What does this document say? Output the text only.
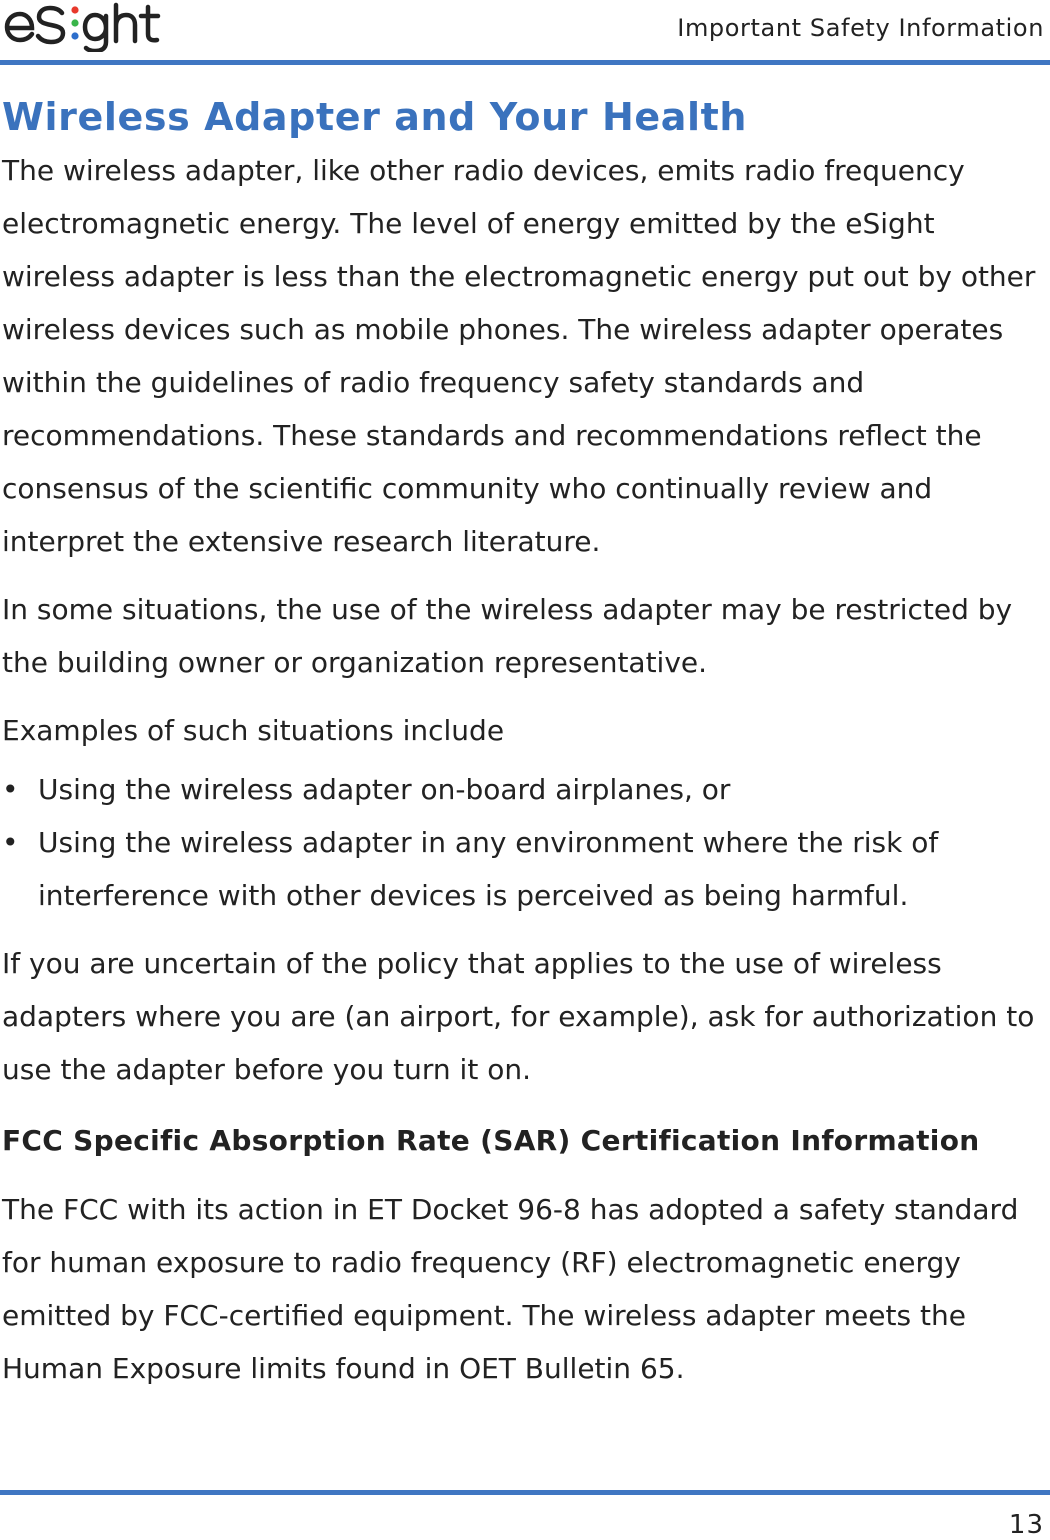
Important Safety Information
Wireless Adapter and Your Health

The wireless adapter, like other radio devices, emits radio frequency electromagnetic energy. The level of energy emitted by the eSight wireless adapter is less than the electromagnetic energy put out by other wireless devices such as mobile phones. The wireless adapter operates within the guidelines of radio frequency safety standards and recommendations. These standards and recommendations reflect the consensus of the scientific community who continually review and interpret the extensive research literature.

In some situations, the use of the wireless adapter may be restricted by the building owner or organization representative.

Examples of such situations include

• Using the wireless adapter on-board airplanes, or
• Using the wireless adapter in any environment where the risk of interference with other devices is perceived as being harmful.

If you are uncertain of the policy that applies to the use of wireless adapters where you are (an airport, for example), ask for authorization to use the adapter before you turn it on.

FCC Specific Absorption Rate (SAR) Certification Information

The FCC with its action in ET Docket 96-8 has adopted a safety standard for human exposure to radio frequency (RF) electromagnetic energy emitted by FCC-certified equipment. The wireless adapter meets the Human Exposure limits found in OET Bulletin 65.

13
